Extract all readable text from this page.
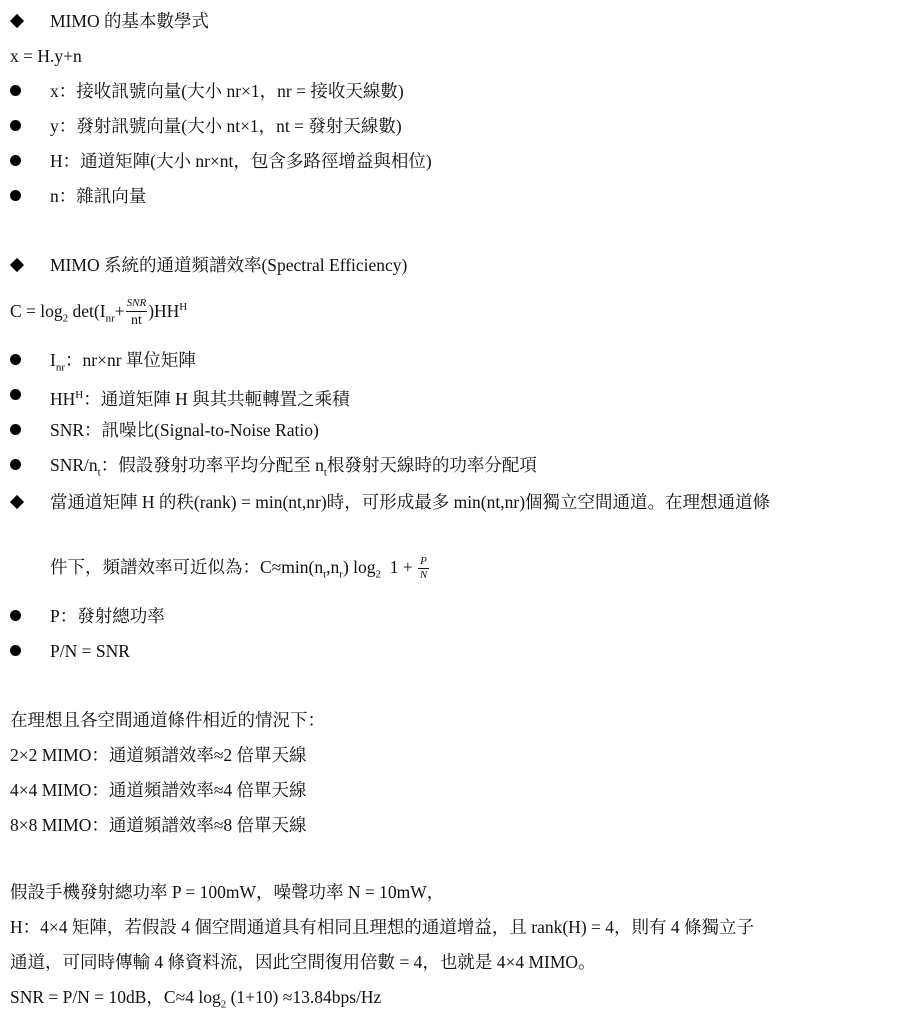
MIMO 的基本數學式
x = H.y+n
x：接收訊號向量(大小 nr×1，nr = 接收天線數)
y：發射訊號向量(大小 nt×1，nt = 發射天線數)
H：通道矩陣(大小 nr×nt，包含多路徑增益與相位)
n：雜訊向量
MIMO 系統的通道頻譜效率(Spectral Efficiency)
$C = \log_2 \det(I_{nr}+ \frac{\text{SNR}}{nt} )HH^H$
$I_{nr}$：nr×nr 單位矩陣
$HH^H$：通道矩陣 H 與其共軛轉置之乘積
SNR：訊噪比(Signal-to-Noise Ratio)
SNR/$n_t$：假設發射功率平均分配至 $n_t$根發射天線時的功率分配項
當通道矩陣 H 的秩(rank) = min(nt,nr)時，可形成最多 min(nt,nr)個獨立空間通道。在理想通道條
件下，頻譜效率可近似為：$C\approx\min(n_t,n_r)$ $\log_2 1 + \frac{P}{N}$
P：發射總功率
P/N = SNR
在理想且各空間通道條件相近的情況下：
2×2 MIMO：通道頻譜效率≈2 倍單天線
4×4 MIMO：通道頻譜效率≈4 倍單天線
8×8 MIMO：通道頻譜效率≈8 倍單天線
假設手機發射總功率 P = 100mW，噪聲功率 N = 10mW，
H：4×4 矩陣，若假設 4 個空間通道具有相同且理想的通道增益，且 rank(H) = 4，則有 4 條獨立子
通道，可同時傳輸 4 條資料流，因此空間復用倍數 = 4，也就是 4×4 MIMO。
SNR = P/N = 10dB，C≈4 $\log_2 (1+10) \approx 13.84bps/Hz$
